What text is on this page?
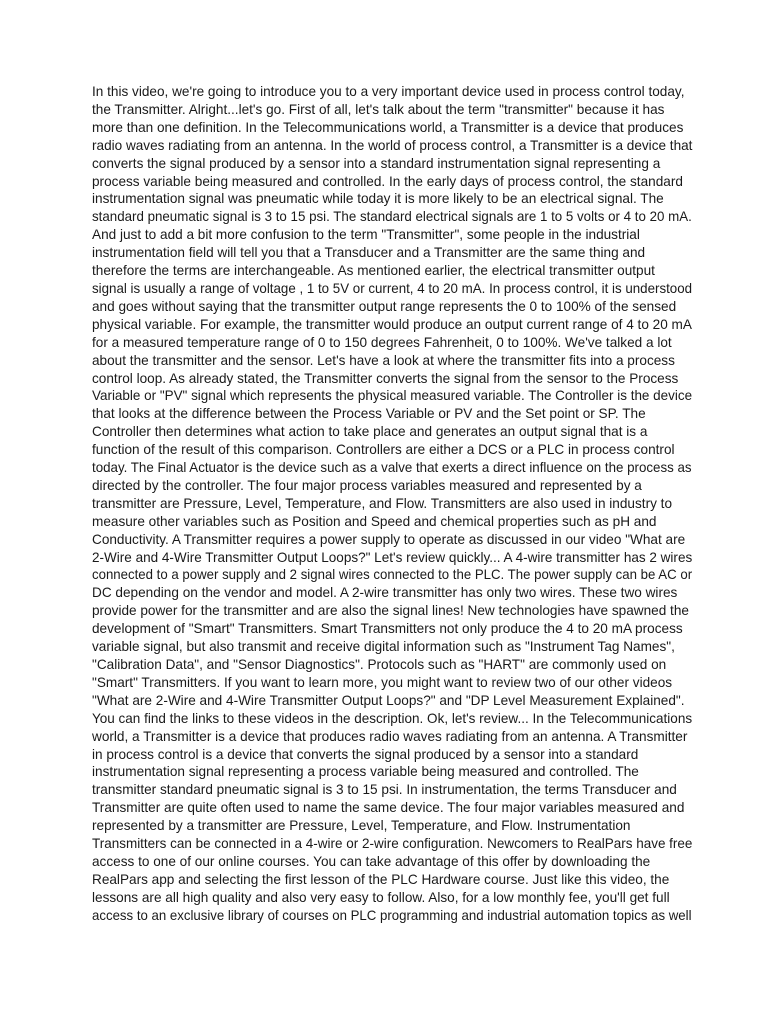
In this video, we're going to introduce you to a very important device used in process control today,
the Transmitter. Alright...let's go. First of all, let's talk about the term "transmitter" because it has
more than one definition. In the Telecommunications world, a Transmitter is a device that produces
radio waves radiating from an antenna. In the world of process control, a Transmitter is a device that
converts the signal produced by a sensor into a standard instrumentation signal representing a
process variable being measured and controlled. In the early days of process control, the standard
instrumentation signal was pneumatic while today it is more likely to be an electrical signal. The
standard pneumatic signal is 3 to 15 psi. The standard electrical signals are 1 to 5 volts or 4 to 20 mA.
And just to add a bit more confusion to the term "Transmitter", some people in the industrial
instrumentation field will tell you that a Transducer and a Transmitter are the same thing and
therefore the terms are interchangeable. As mentioned earlier, the electrical transmitter output
signal is usually a range of voltage , 1 to 5V or current, 4 to 20 mA. In process control, it is understood
and goes without saying that the transmitter output range represents the 0 to 100% of the sensed
physical variable. For example, the transmitter would produce an output current range of 4 to 20 mA
for a measured temperature range of 0 to 150 degrees Fahrenheit, 0 to 100%. We've talked a lot
about the transmitter and the sensor. Let's have a look at where the transmitter fits into a process
control loop. As already stated, the Transmitter converts the signal from the sensor to the Process
Variable or "PV" signal which represents the physical measured variable. The Controller is the device
that looks at the difference between the Process Variable or PV and the Set point or SP. The
Controller then determines what action to take place and generates an output signal that is a
function of the result of this comparison. Controllers are either a DCS or a PLC in process control
today. The Final Actuator is the device such as a valve that exerts a direct influence on the process as
directed by the controller. The four major process variables measured and represented by a
transmitter are Pressure, Level, Temperature, and Flow. Transmitters are also used in industry to
measure other variables such as Position and Speed and chemical properties such as pH and
Conductivity. A Transmitter requires a power supply to operate as discussed in our video "What are
2-Wire and 4-Wire Transmitter Output Loops?" Let's review quickly... A 4-wire transmitter has 2 wires
connected to a power supply and 2 signal wires connected to the PLC. The power supply can be AC or
DC depending on the vendor and model. A 2-wire transmitter has only two wires. These two wires
provide power for the transmitter and are also the signal lines! New technologies have spawned the
development of "Smart" Transmitters. Smart Transmitters not only produce the 4 to 20 mA process
variable signal, but also transmit and receive digital information such as "Instrument Tag Names",
"Calibration Data", and "Sensor Diagnostics". Protocols such as "HART" are commonly used on
"Smart" Transmitters. If you want to learn more, you might want to review two of our other videos
"What are 2-Wire and 4-Wire Transmitter Output Loops?" and "DP Level Measurement Explained".
You can find the links to these videos in the description. Ok, let's review... In the Telecommunications
world, a Transmitter is a device that produces radio waves radiating from an antenna. A Transmitter
in process control is a device that converts the signal produced by a sensor into a standard
instrumentation signal representing a process variable being measured and controlled. The
transmitter standard pneumatic signal is 3 to 15 psi. In instrumentation, the terms Transducer and
Transmitter are quite often used to name the same device. The four major variables measured and
represented by a transmitter are Pressure, Level, Temperature, and Flow. Instrumentation
Transmitters can be connected in a 4-wire or 2-wire configuration. Newcomers to RealPars have free
access to one of our online courses. You can take advantage of this offer by downloading the
RealPars app and selecting the first lesson of the PLC Hardware course. Just like this video, the
lessons are all high quality and also very easy to follow. Also, for a low monthly fee, you'll get full
access to an exclusive library of courses on PLC programming and industrial automation topics as well
